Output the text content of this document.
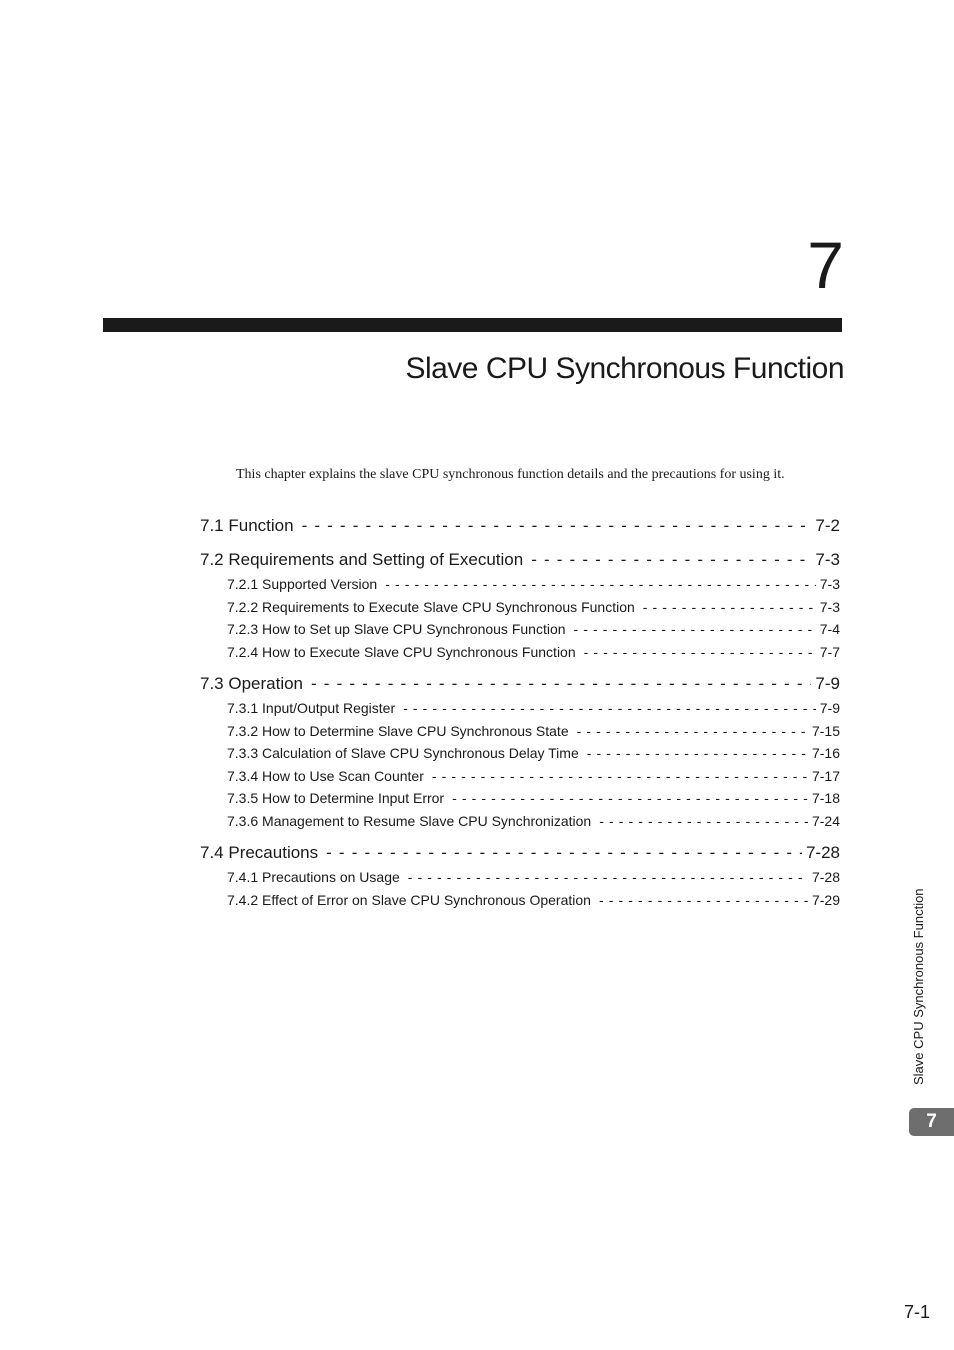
7
Slave CPU Synchronous Function
This chapter explains the slave CPU synchronous function details and the precautions for using it.
7.1 Function - - -	7-2
7.2 Requirements and Setting of Execution - - -	7-3
7.2.1 Supported Version - - -	7-3
7.2.2 Requirements to Execute Slave CPU Synchronous Function - - -	7-3
7.2.3 How to Set up Slave CPU Synchronous Function - - -	7-4
7.2.4 How to Execute Slave CPU Synchronous Function - - -	7-7
7.3 Operation - - -	7-9
7.3.1 Input/Output Register - - -	7-9
7.3.2 How to Determine Slave CPU Synchronous State - - -	7-15
7.3.3 Calculation of Slave CPU Synchronous Delay Time - - -	7-16
7.3.4 How to Use Scan Counter - - -	7-17
7.3.5 How to Determine Input Error - - -	7-18
7.3.6 Management to Resume Slave CPU Synchronization - - -	7-24
7.4 Precautions - - -	7-28
7.4.1 Precautions on Usage - - -	7-28
7.4.2 Effect of Error on Slave CPU Synchronous Operation - - -	7-29	Slave CPU Synchronous Function
7
7-1
